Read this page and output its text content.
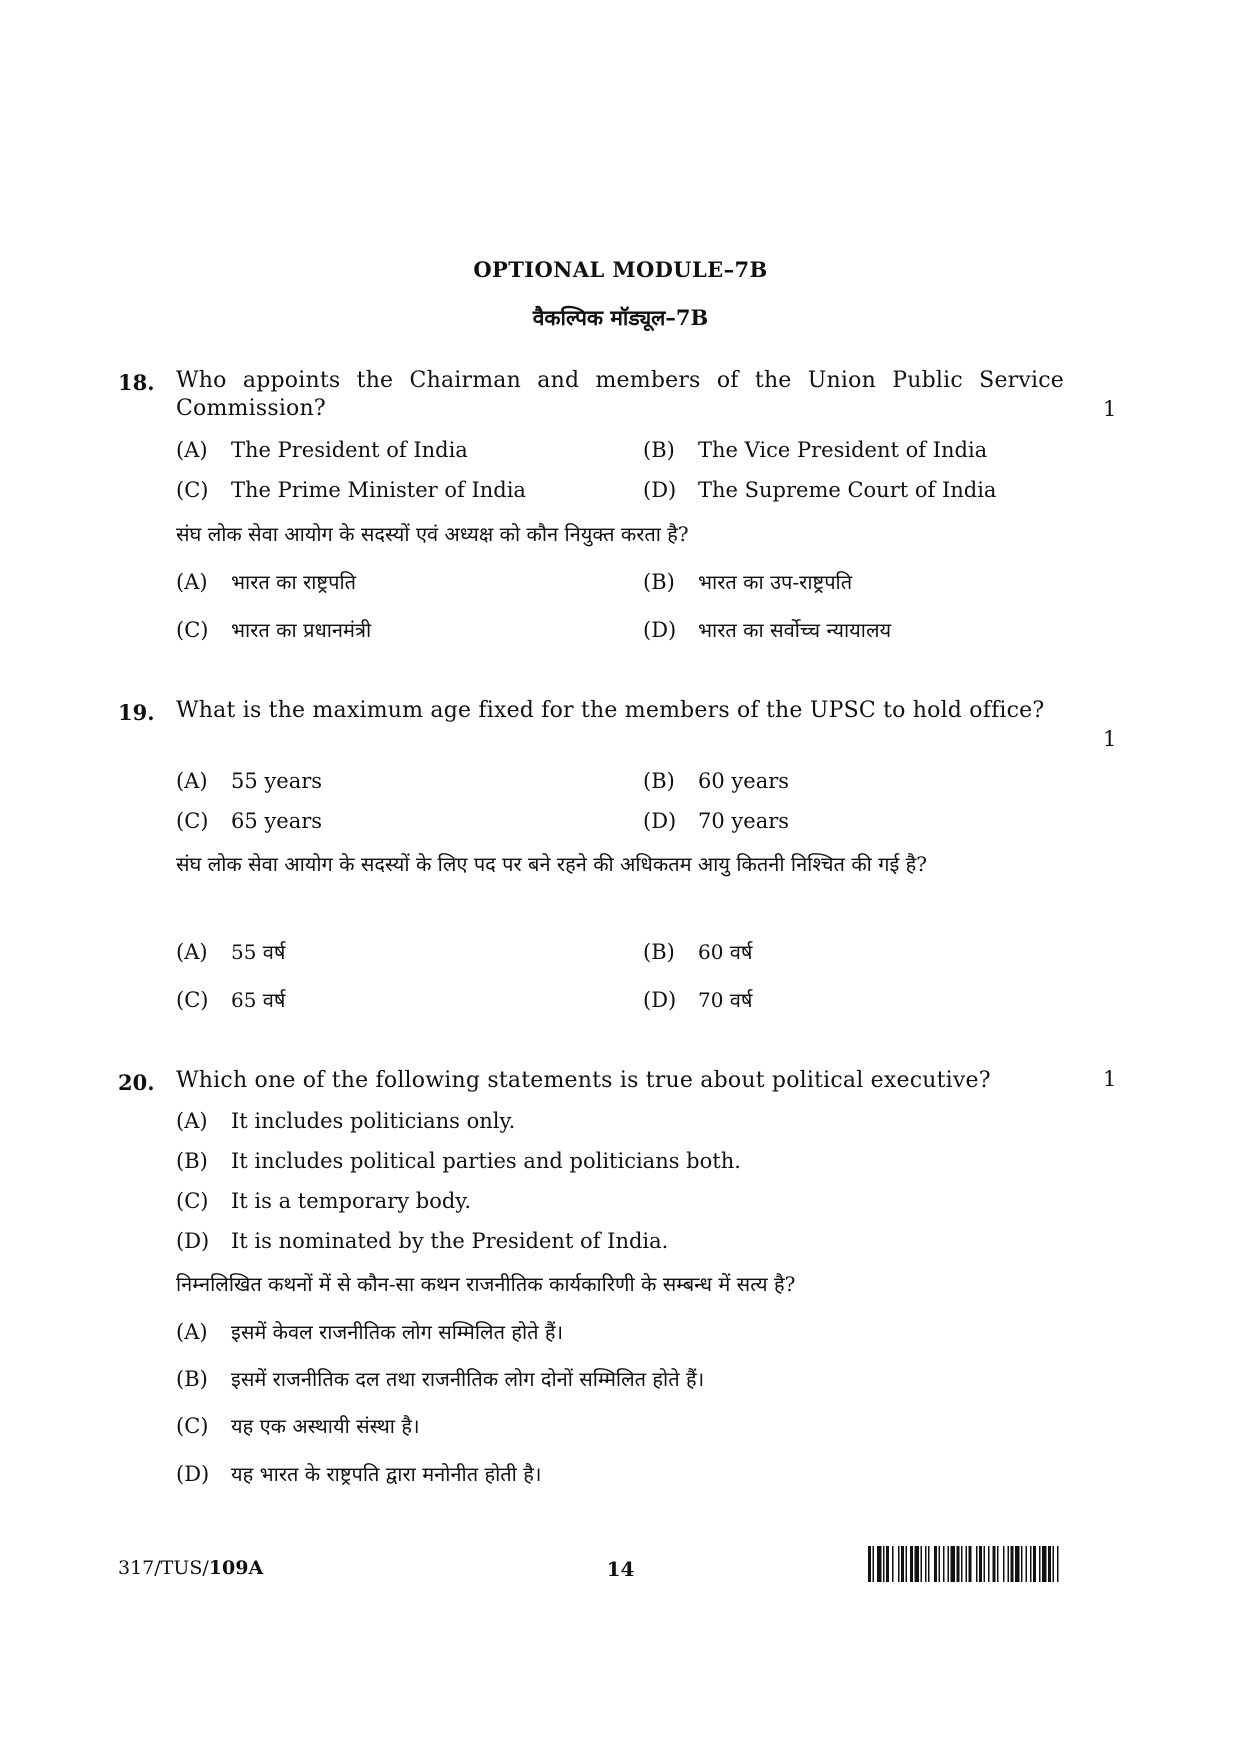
OPTIONAL MODULE–7B
वैकल्पिक मॉड्यूल–7B
18. Who appoints the Chairman and members of the Union Public Service Commission?	1
(A) The President of India	(B) The Vice President of India
(C) The Prime Minister of India	(D) The Supreme Court of India
संघ लोक सेवा आयोग के सदस्यों एवं अध्यक्ष को कौन नियुक्त करता है?
(A) भारत का राष्ट्रपति	(B) भारत का उप-राष्ट्रपति
(C) भारत का प्रधानमंत्री	(D) भारत का सर्वोच्च न्यायालय
19. What is the maximum age fixed for the members of the UPSC to hold office?
1
(A) 55 years	(B) 60 years
(C) 65 years	(D) 70 years
संघ लोक सेवा आयोग के सदस्यों के लिए पद पर बने रहने की अधिकतम आयु कितनी निश्चित की गई है?
(A) 55 वर्ष	(B) 60 वर्ष
(C) 65 वर्ष	(D) 70 वर्ष
20. Which one of the following statements is true about political executive?	1
(A) It includes politicians only.
(B) It includes political parties and politicians both.
(C) It is a temporary body.
(D) It is nominated by the President of India.
निम्नलिखित कथनों में से कौन-सा कथन राजनीतिक कार्यकारिणी के सम्बन्ध में सत्य है?
(A) इसमें केवल राजनीतिक लोग सम्मिलित होते हैं।
(B) इसमें राजनीतिक दल तथा राजनीतिक लोग दोनों सम्मिलित होते हैं।
(C) यह एक अस्थायी संस्था है।
(D) यह भारत के राष्ट्रपति द्वारा मनोनीत होती है।
317/TUS/109A	14
